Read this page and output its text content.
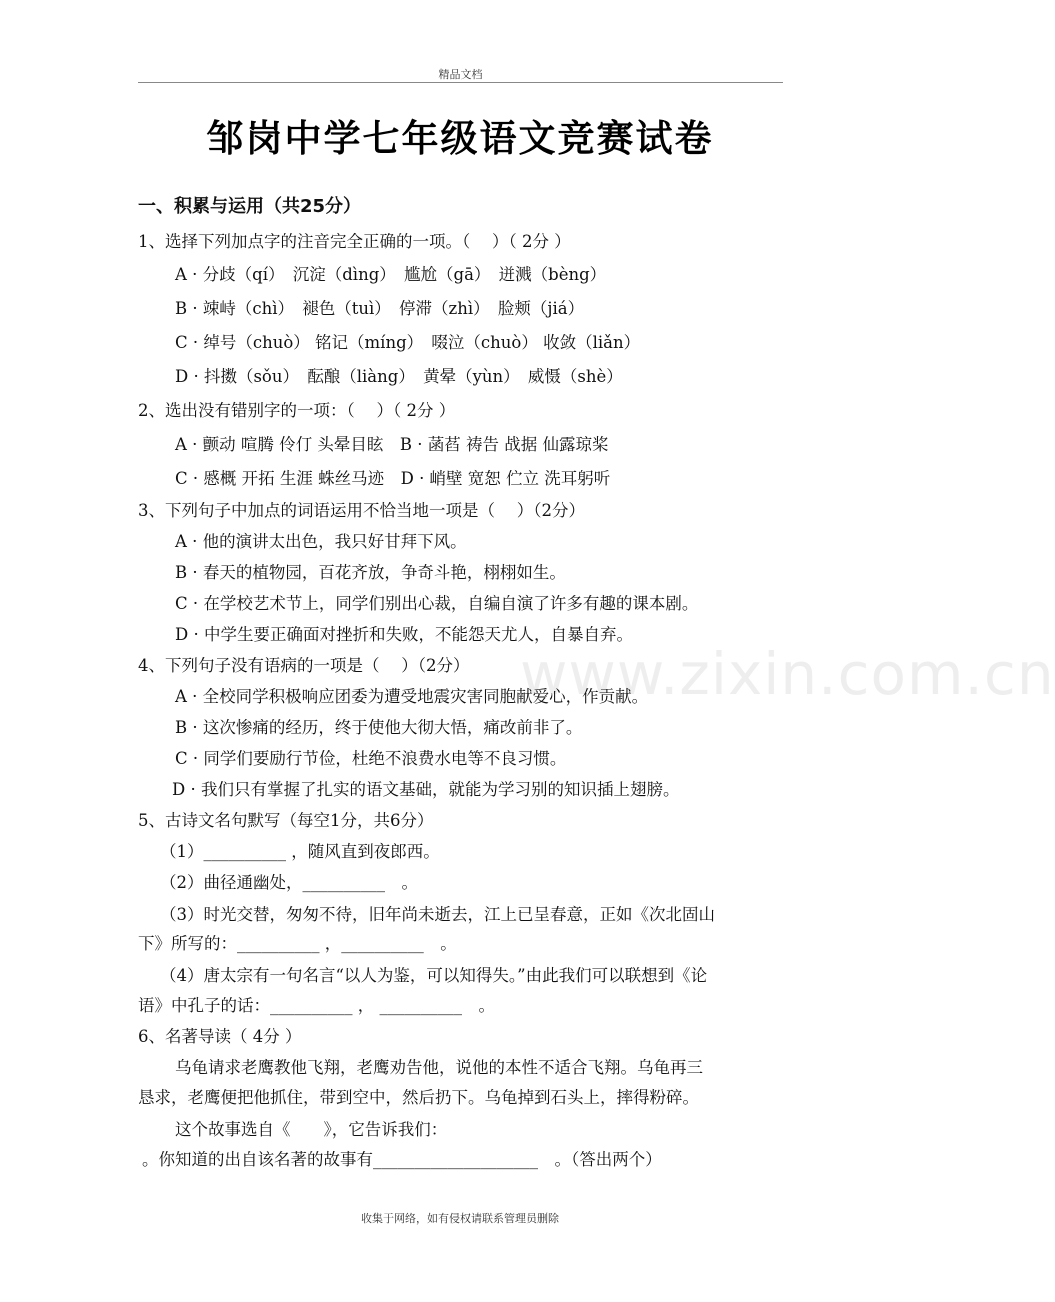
精品文档
邹岗中学七年级语文竞赛试卷
www.zixin.com.cn
一、积累与运用（共25分）
1、选择下列加点字的注音完全正确的一项。（　 ）（ 2分 ）
A · 分歧（qí）　沉淀（dìng）　尴尬（gā）　迸溅（bèng）
B · 竦峙（chì）　褪色（tuì）　停滞（zhì）　脸颊（jiá）
C · 绰号（chuò） 铭记（míng）　啜泣（chuò） 收敛（liǎn）
D · 抖擞（sǒu）　酝酿（liàng）　黄晕（yùn）　威慑（shè）
2、选出没有错别字的一项：（　 ）（ 2分 ）
A · 颤动 喧腾 伶仃 头晕目眩　B · 菡萏 祷告 战据 仙露琼桨
C · 慼概 开拓 生涯 蛛丝马迹　D · 峭壁 宽恕 伫立 洗耳躬听
3、下列句子中加点的词语运用不恰当地一项是（　 ）（2分）
A · 他的演讲太出色，我只好甘拜下风。
B · 春天的植物园，百花齐放，争奇斗艳，栩栩如生。
C · 在学校艺术节上，同学们别出心裁，自编自演了许多有趣的课本剧。
D · 中学生要正确面对挫折和失败，不能怨天尤人，自暴自弃。
4、下列句子没有语病的一项是（　 ）（2分）
A · 全校同学积极响应团委为遭受地震灾害同胞献爱心，作贡献。
B · 这次惨痛的经历，终于使他大彻大悟，痛改前非了。
C · 同学们要励行节俭，杜绝不浪费水电等不良习惯。
D · 我们只有掌握了扎实的语文基础，就能为学习别的知识插上翅膀。
5、古诗文名句默写（每空1分，共6分）
（1）__________ ，随风直到夜郎西。
（2）曲径通幽处，__________　。
（3）时光交替，匆匆不待，旧年尚未逝去，江上已呈春意，正如《次北固山
下》所写的：__________ ，__________　。
（4）唐太宗有一句名言“以人为鉴，可以知得失。”由此我们可以联想到《论
语》中孔子的话：__________ ， __________　。
6、名著导读（ 4分 ）
乌龟请求老鹰教他飞翔，老鹰劝告他，说他的本性不适合飞翔。乌龟再三
恳求，老鹰便把他抓住，带到空中，然后扔下。乌龟掉到石头上，摔得粉碎。
这个故事选自《　　》，它告诉我们：
。你知道的出自该名著的故事有____________________　。（答出两个）
收集于网络，如有侵权请联系管理员删除
